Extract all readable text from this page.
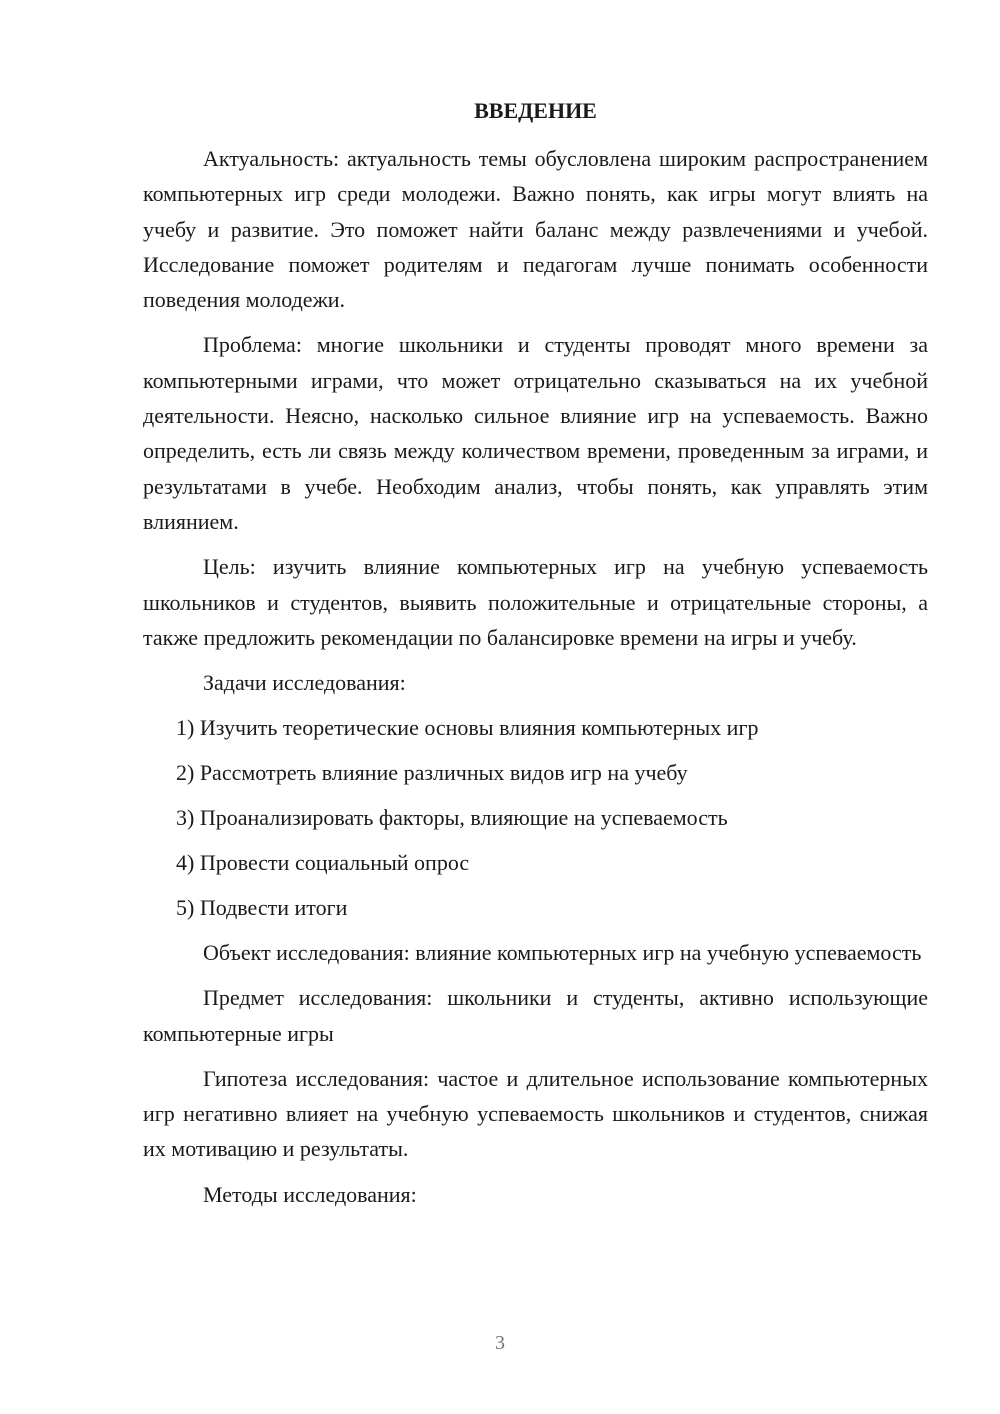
ВВЕДЕНИЕ

Актуальность: актуальность темы обусловлена широким распространением компьютерных игр среди молодежи. Важно понять, как игры могут влиять на учебу и развитие. Это поможет найти баланс между развлечениями и учебой. Исследование поможет родителям и педагогам лучше понимать особенности поведения молодежи.

Проблема: многие школьники и студенты проводят много времени за компьютерными играми, что может отрицательно сказываться на их учебной деятельности. Неясно, насколько сильное влияние игр на успеваемость. Важно определить, есть ли связь между количеством времени, проведенным за играми, и результатами в учебе. Необходим анализ, чтобы понять, как управлять этим влиянием.

Цель: изучить влияние компьютерных игр на учебную успеваемость школьников и студентов, выявить положительные и отрицательные стороны, а также предложить рекомендации по балансировке времени на игры и учебу.

Задачи исследования:
1) Изучить теоретические основы влияния компьютерных игр
2) Рассмотреть влияние различных видов игр на учебу
3) Проанализировать факторы, влияющие на успеваемость
4) Провести социальный опрос
5) Подвести итоги

Объект исследования: влияние компьютерных игр на учебную успеваемость

Предмет исследования: школьники и студенты, активно использующие компьютерные игры

Гипотеза исследования: частое и длительное использование компьютерных игр негативно влияет на учебную успеваемость школьников и студентов, снижая их мотивацию и результаты.

Методы исследования:
3
